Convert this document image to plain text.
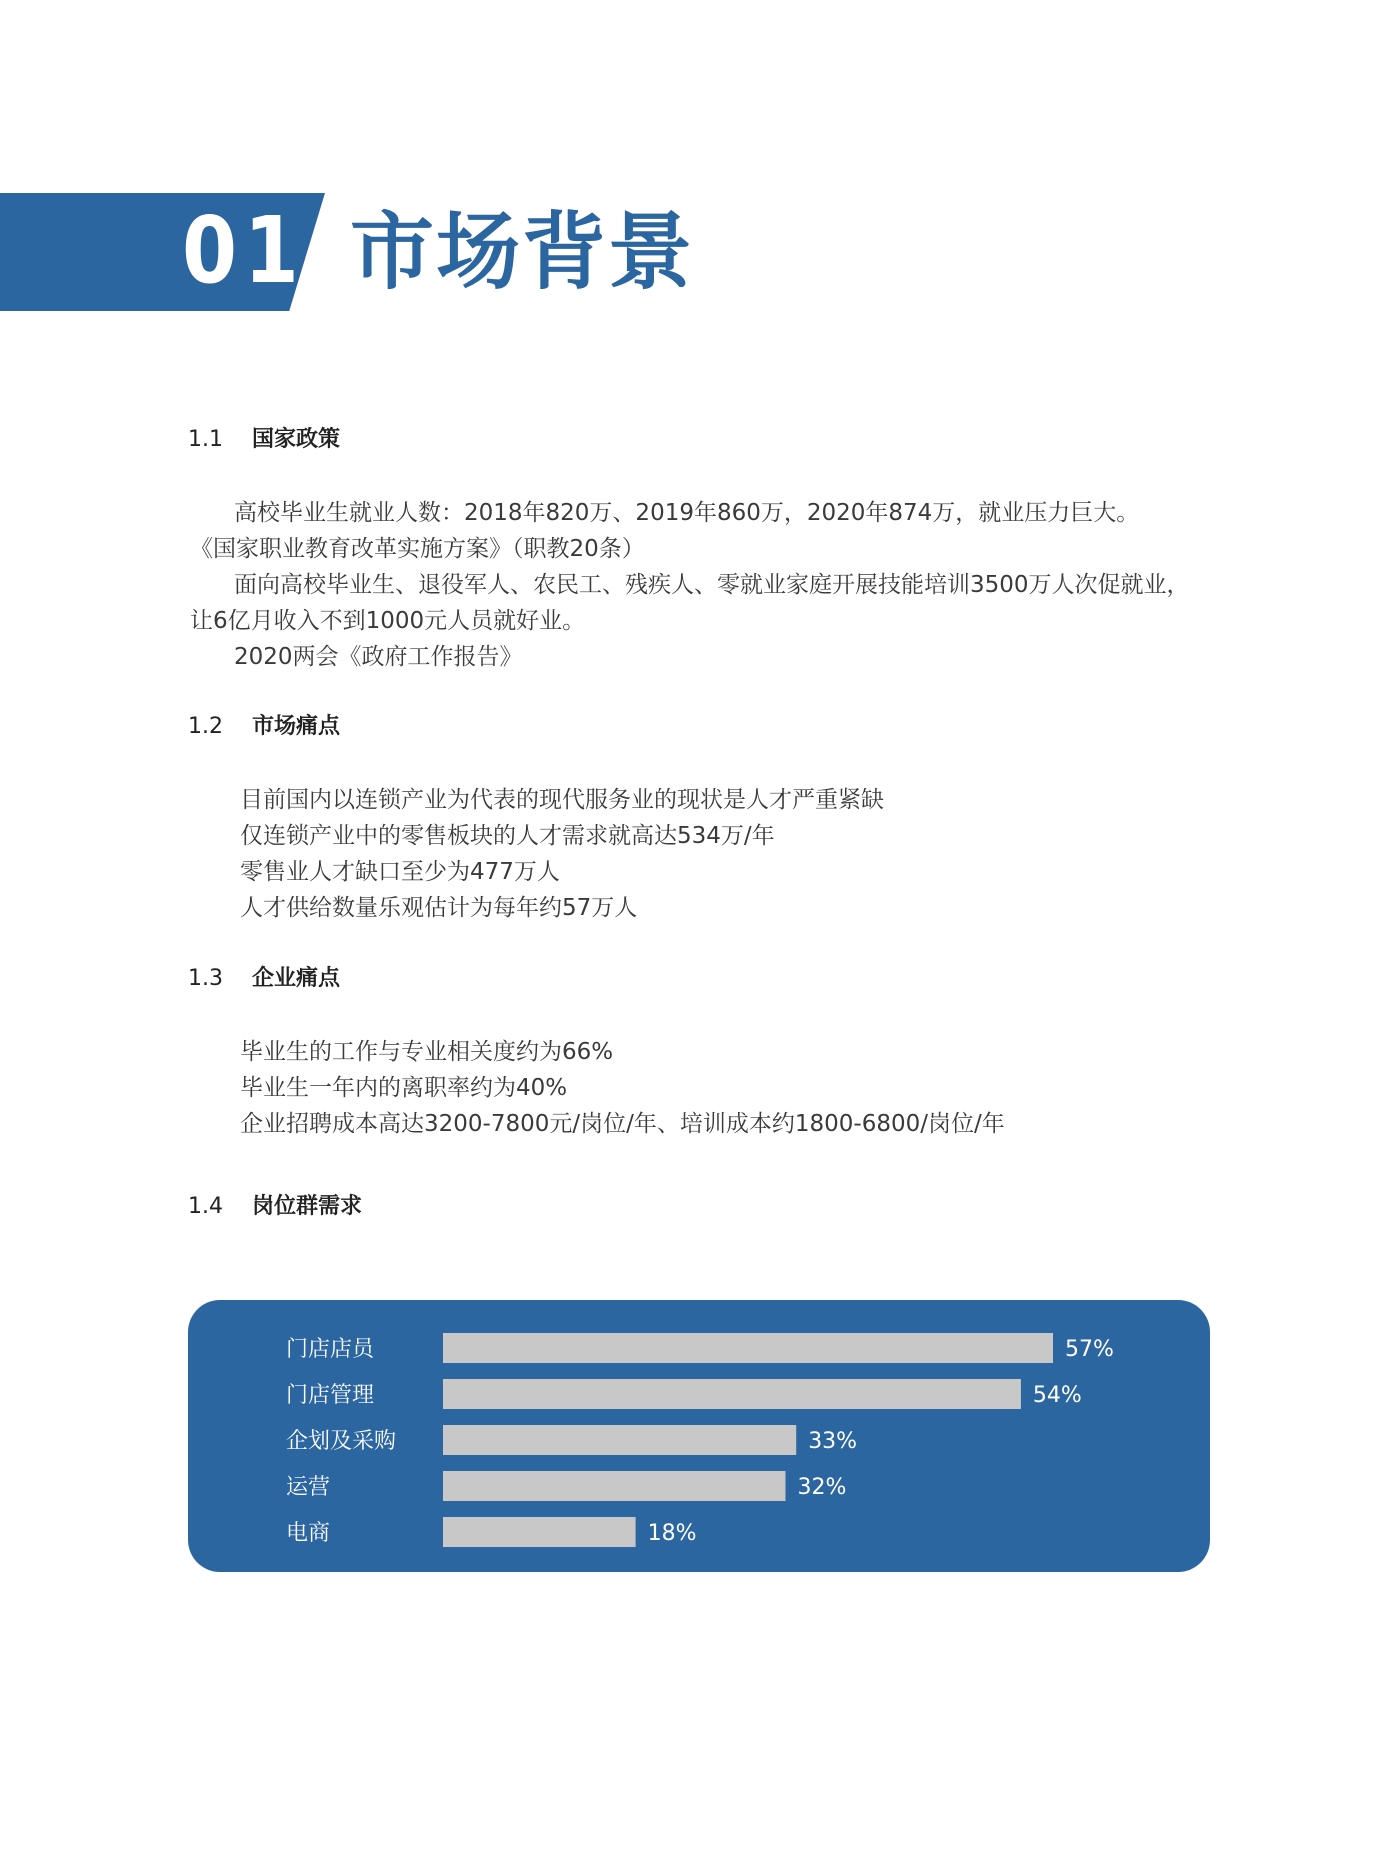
01 市场背景
1.1 国家政策

高校毕业生就业人数：2018年820万、2019年860万，2020年874万，就业压力巨大。

《国家职业教育改革实施方案》（职教20条）

面向高校毕业生、退役军人、农民工、残疾人、零就业家庭开展技能培训3500万人次促就业，让6亿月收入不到1000元人员就好业。

2020两会《政府工作报告》

1.2 市场痛点
目前国内以连锁产业为代表的现代服务业的现状是人才严重紧缺
仅连锁产业中的零售板块的人才需求就高达534万/年
零售业人才缺口至少为477万人
人才供给数量乐观估计为每年约57万人
1.3 企业痛点
毕业生的工作与专业相关度约为66%
毕业生一年内的离职率约为40%
企业招聘成本高达3200-7800元/岗位/年、培训成本约1800-6800/岗位/年
1.4 岗位群需求
门店店员	57%
门店管理	54%
企划及采购	33%
运营	32%
电商	18%
